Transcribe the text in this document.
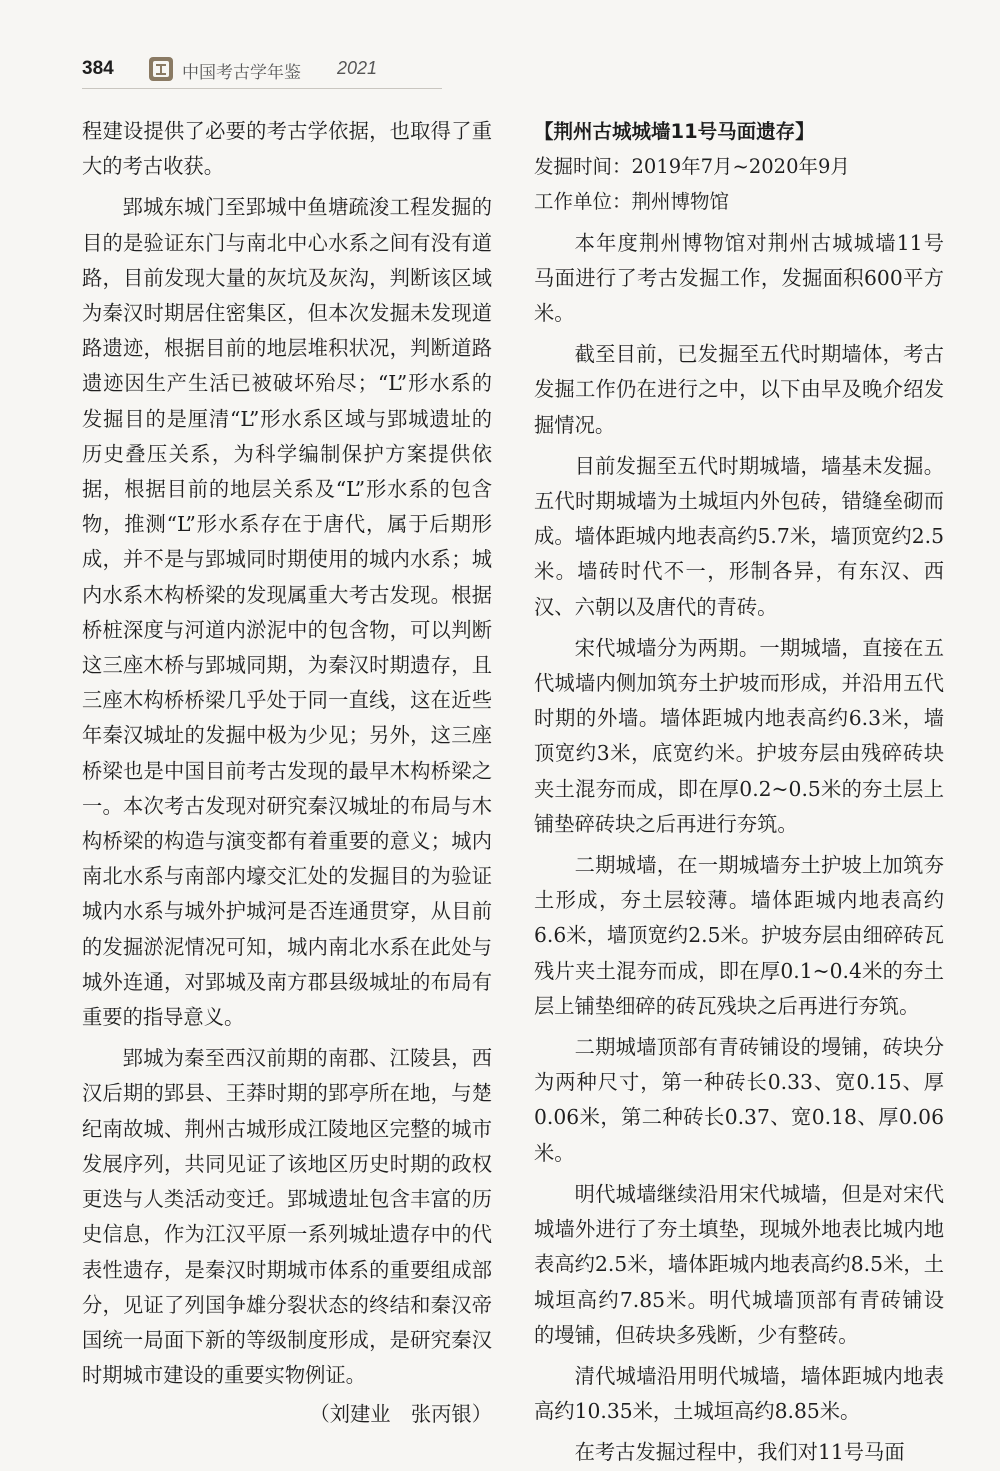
384	中国考古学年鉴 2021

程建设提供了必要的考古学依据，也取得了重大的考古收获。

郢城东城门至郢城中鱼塘疏浚工程发掘的目的是验证东门与南北中心水系之间有没有道路，目前发现大量的灰坑及灰沟，判断该区域为秦汉时期居住密集区，但本次发掘未发现道路遗迹，根据目前的地层堆积状况，判断道路遗迹因生产生活已被破坏殆尽；“L”形水系的发掘目的是厘清“L”形水系区域与郢城遗址的历史叠压关系，为科学编制保护方案提供依据，根据目前的地层关系及“L”形水系的包含物，推测“L”形水系存在于唐代，属于后期形成，并不是与郢城同时期使用的城内水系；城内水系木构桥梁的发现属重大考古发现。根据桥桩深度与河道内淤泥中的包含物，可以判断这三座木桥与郢城同期，为秦汉时期遗存，且三座木构桥桥梁几乎处于同一直线，这在近些年秦汉城址的发掘中极为少见；另外，这三座桥梁也是中国目前考古发现的最早木构桥梁之一。本次考古发现对研究秦汉城址的布局与木构桥梁的构造与演变都有着重要的意义；城内南北水系与南部内壕交汇处的发掘目的为验证城内水系与城外护城河是否连通贯穿，从目前的发掘淤泥情况可知，城内南北水系在此处与城外连通，对郢城及南方郡县级城址的布局有重要的指导意义。

郢城为秦至西汉前期的南郡、江陵县，西汉后期的郢县、王莽时期的郢亭所在地，与楚纪南故城、荆州古城形成江陵地区完整的城市发展序列，共同见证了该地区历史时期的政权更迭与人类活动变迁。郢城遗址包含丰富的历史信息，作为江汉平原一系列城址遗存中的代表性遗存，是秦汉时期城市体系的重要组成部分，见证了列国争雄分裂状态的终结和秦汉帝国统一局面下新的等级制度形成，是研究秦汉时期城市建设的重要实物例证。

（刘建业　张丙银）

【荆州古城城墙11号马面遗存】

发掘时间：2019年7月~2020年9月

工作单位：荆州博物馆

本年度荆州博物馆对荆州古城城墙11号马面进行了考古发掘工作，发掘面积600平方米。

截至目前，已发掘至五代时期墙体，考古发掘工作仍在进行之中，以下由早及晚介绍发掘情况。

目前发掘至五代时期城墙，墙基未发掘。五代时期城墙为土城垣内外包砖，错缝垒砌而成。墙体距城内地表高约5.7米，墙顶宽约2.5米。墙砖时代不一，形制各异，有东汉、西汉、六朝以及唐代的青砖。

宋代城墙分为两期。一期城墙，直接在五代城墙内侧加筑夯土护坡而形成，并沿用五代时期的外墙。墙体距城内地表高约6.3米，墙顶宽约3米，底宽约米。护坡夯层由残碎砖块夹土混夯而成，即在厚0.2~0.5米的夯土层上铺垫碎砖块之后再进行夯筑。

二期城墙，在一期城墙夯土护坡上加筑夯土形成，夯土层较薄。墙体距城内地表高约6.6米，墙顶宽约2.5米。护坡夯层由细碎砖瓦残片夹土混夯而成，即在厚0.1~0.4米的夯土层上铺垫细碎的砖瓦残块之后再进行夯筑。

二期城墙顶部有青砖铺设的墁铺，砖块分为两种尺寸，第一种砖长0.33、宽0.15、厚0.06米，第二种砖长0.37、宽0.18、厚0.06米。

明代城墙继续沿用宋代城墙，但是对宋代城墙外进行了夯土填垫，现城外地表比城内地表高约2.5米，墙体距城内地表高约8.5米，土城垣高约7.85米。明代城墙顶部有青砖铺设的墁铺，但砖块多残断，少有整砖。

清代城墙沿用明代城墙，墙体距城内地表高约10.35米，土城垣高约8.85米。

在考古发掘过程中，我们对11号马面
